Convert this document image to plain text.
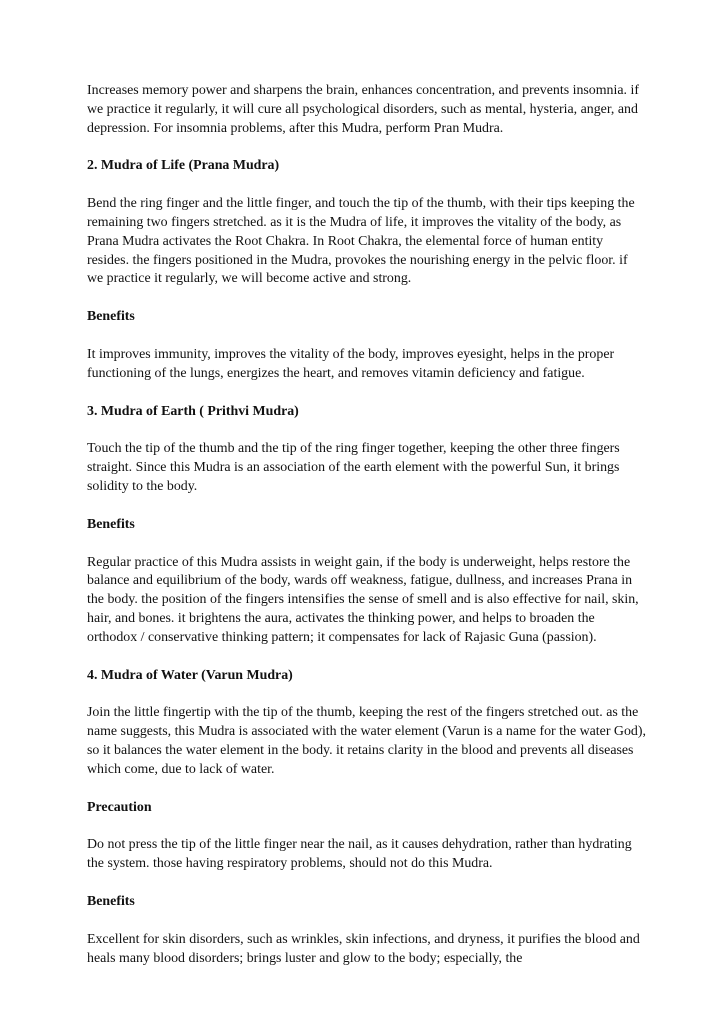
Increases memory power and sharpens the brain, enhances concentration, and prevents insomnia. if we practice it regularly, it will cure all psychological disorders, such as mental, hysteria, anger, and depression. For insomnia problems, after this Mudra, perform Pran Mudra.

2. Mudra of Life (Prana Mudra)

Bend the ring finger and the little finger, and touch the tip of the thumb, with their tips keeping the remaining two fingers stretched. as it is the Mudra of life, it improves the vitality of the body, as Prana Mudra activates the Root Chakra. In Root Chakra, the elemental force of human entity resides. the fingers positioned in the Mudra, provokes the nourishing energy in the pelvic floor. if we practice it regularly, we will become active and strong.

Benefits

It improves immunity, improves the vitality of the body, improves eyesight, helps in the proper functioning of the lungs, energizes the heart, and removes vitamin deficiency and fatigue.

3. Mudra of Earth ( Prithvi Mudra)

Touch the tip of the thumb and the tip of the ring finger together, keeping the other three fingers straight. Since this Mudra is an association of the earth element with the powerful Sun, it brings solidity to the body.

Benefits

Regular practice of this Mudra assists in weight gain, if the body is underweight, helps restore the balance and equilibrium of the body, wards off weakness, fatigue, dullness, and increases Prana in the body. the position of the fingers intensifies the sense of smell and is also effective for nail, skin, hair, and bones. it brightens the aura, activates the thinking power, and helps to broaden the orthodox / conservative thinking pattern; it compensates for lack of Rajasic Guna (passion).

4. Mudra of Water (Varun Mudra)

Join the little fingertip with the tip of the thumb, keeping the rest of the fingers stretched out. as the name suggests, this Mudra is associated with the water element (Varun is a name for the water God), so it balances the water element in the body. it retains clarity in the blood and prevents all diseases which come, due to lack of water.

Precaution

Do not press the tip of the little finger near the nail, as it causes dehydration, rather than hydrating the system. those having respiratory problems, should not do this Mudra.

Benefits

Excellent for skin disorders, such as wrinkles, skin infections, and dryness, it purifies the blood and heals many blood disorders; brings luster and glow to the body; especially, the
